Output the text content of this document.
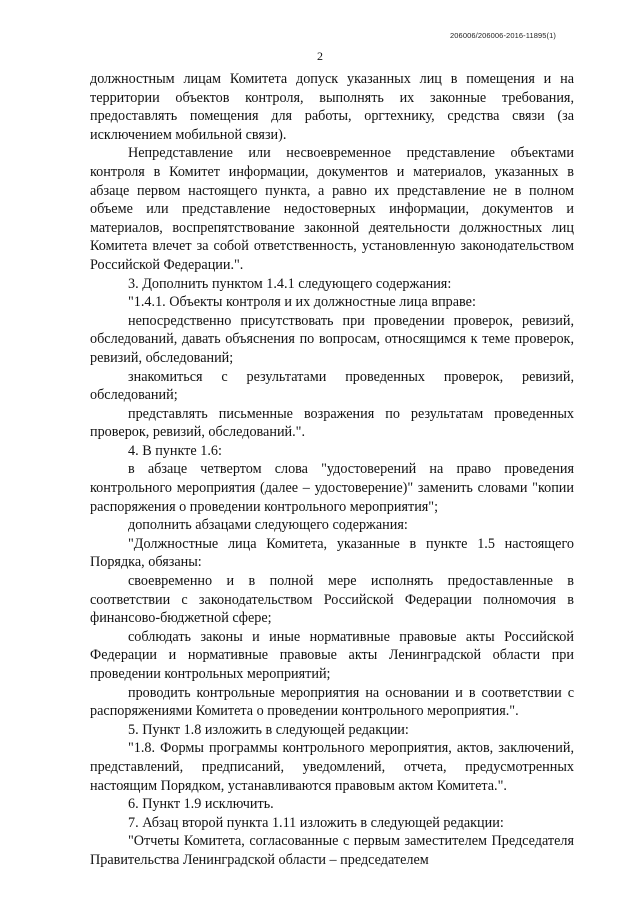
206006/206006-2016-11895(1)
2

должностным лицам Комитета допуск указанных лиц в помещения и на территории объектов контроля, выполнять их законные требования, предоставлять помещения для работы, оргтехнику, средства связи (за исключением мобильной связи).

Непредставление или несвоевременное представление объектами контроля в Комитет информации, документов и материалов, указанных в абзаце первом настоящего пункта, а равно их представление не в полном объеме или представление недостоверных информации, документов и материалов, воспрепятствование законной деятельности должностных лиц Комитета влечет за собой ответственность, установленную законодательством Российской Федерации.".

3. Дополнить пунктом 1.4.1 следующего содержания:

"1.4.1. Объекты контроля и их должностные лица вправе:

непосредственно присутствовать при проведении проверок, ревизий, обследований, давать объяснения по вопросам, относящимся к теме проверок, ревизий, обследований;

знакомиться с результатами проведенных проверок, ревизий, обследований;

представлять письменные возражения по результатам проведенных проверок, ревизий, обследований.".

4. В пункте 1.6:

в абзаце четвертом слова "удостоверений на право проведения контрольного мероприятия (далее – удостоверение)" заменить словами "копии распоряжения о проведении контрольного мероприятия";

дополнить абзацами следующего содержания:

"Должностные лица Комитета, указанные в пункте 1.5 настоящего Порядка, обязаны:

своевременно и в полной мере исполнять предоставленные в соответствии с законодательством Российской Федерации полномочия в финансово-бюджетной сфере;

соблюдать законы и иные нормативные правовые акты Российской Федерации и нормативные правовые акты Ленинградской области при проведении контрольных мероприятий;

проводить контрольные мероприятия на основании и в соответствии с распоряжениями Комитета о проведении контрольного мероприятия.".

5. Пункт 1.8 изложить в следующей редакции:

"1.8. Формы программы контрольного мероприятия, актов, заключений, представлений, предписаний, уведомлений, отчета, предусмотренных настоящим Порядком, устанавливаются правовым актом Комитета.".

6. Пункт 1.9 исключить.

7. Абзац второй пункта 1.11 изложить в следующей редакции:

"Отчеты Комитета, согласованные с первым заместителем Председателя Правительства Ленинградской области – председателем
